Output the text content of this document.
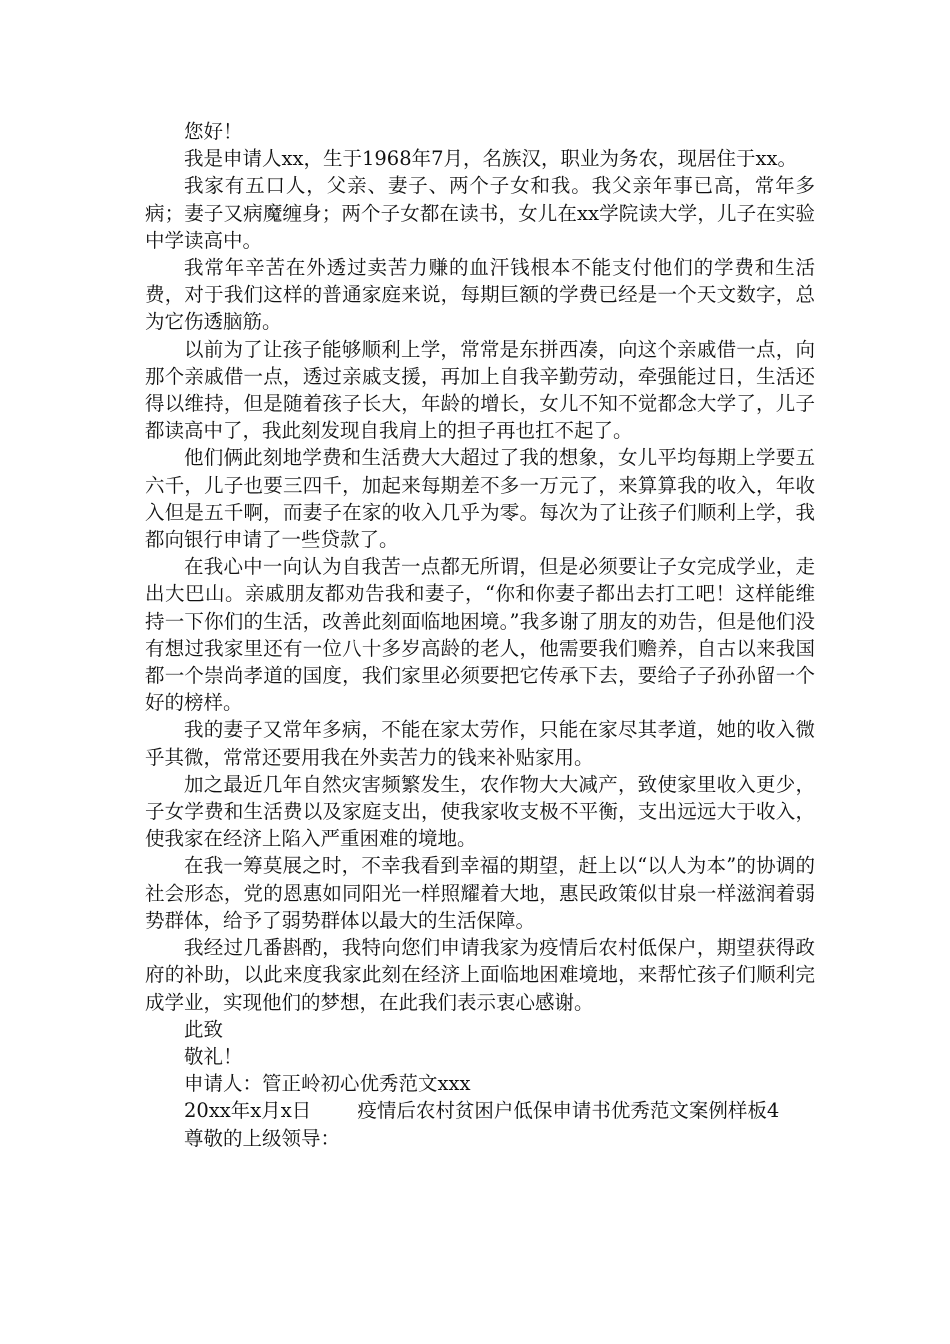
您好！

我是申请人xx，生于1968年7月，名族汉，职业为务农，现居住于xx。

我家有五口人，父亲、妻子、两个子女和我。我父亲年事已高，常年多病；妻子又病魔缠身；两个子女都在读书，女儿在xx学院读大学，儿子在实验中学读高中。

我常年辛苦在外透过卖苦力赚的血汗钱根本不能支付他们的学费和生活费，对于我们这样的普通家庭来说，每期巨额的学费已经是一个天文数字，总为它伤透脑筋。

以前为了让孩子能够顺利上学，常常是东拼西凑，向这个亲戚借一点，向那个亲戚借一点，透过亲戚支援，再加上自我辛勤劳动，牵强能过日，生活还得以维持，但是随着孩子长大，年龄的增长，女儿不知不觉都念大学了，儿子都读高中了，我此刻发现自我肩上的担子再也扛不起了。

他们俩此刻地学费和生活费大大超过了我的想象，女儿平均每期上学要五六千，儿子也要三四千，加起来每期差不多一万元了，来算算我的收入，年收入但是五千啊，而妻子在家的收入几乎为零。每次为了让孩子们顺利上学，我都向银行申请了一些贷款了。

在我心中一向认为自我苦一点都无所谓，但是必须要让子女完成学业，走出大巴山。亲戚朋友都劝告我和妻子，“你和你妻子都出去打工吧！这样能维持一下你们的生活，改善此刻面临地困境。”我多谢了朋友的劝告，但是他们没有想过我家里还有一位八十多岁高龄的老人，他需要我们赡养，自古以来我国都一个崇尚孝道的国度，我们家里必须要把它传承下去，要给子子孙孙留一个好的榜样。

我的妻子又常年多病，不能在家太劳作，只能在家尽其孝道，她的收入微乎其微，常常还要用我在外卖苦力的钱来补贴家用。

加之最近几年自然灾害频繁发生，农作物大大减产，致使家里收入更少，子女学费和生活费以及家庭支出，使我家收支极不平衡，支出远远大于收入，使我家在经济上陷入严重困难的境地。

在我一筹莫展之时，不幸我看到幸福的期望，赶上以“以人为本”的协调的社会形态，党的恩惠如同阳光一样照耀着大地，惠民政策似甘泉一样滋润着弱势群体，给予了弱势群体以最大的生活保障。

我经过几番斟酌，我特向您们申请我家为疫情后农村低保户，期望获得政府的补助，以此来度我家此刻在经济上面临地困难境地，来帮忙孩子们顺利完成学业，实现他们的梦想，在此我们表示衷心感谢。

此致

敬礼！

申请人：管正岭初心优秀范文xxx

20xx年x月x日 疫情后农村贫困户低保申请书优秀范文案例样板4

尊敬的上级领导：
